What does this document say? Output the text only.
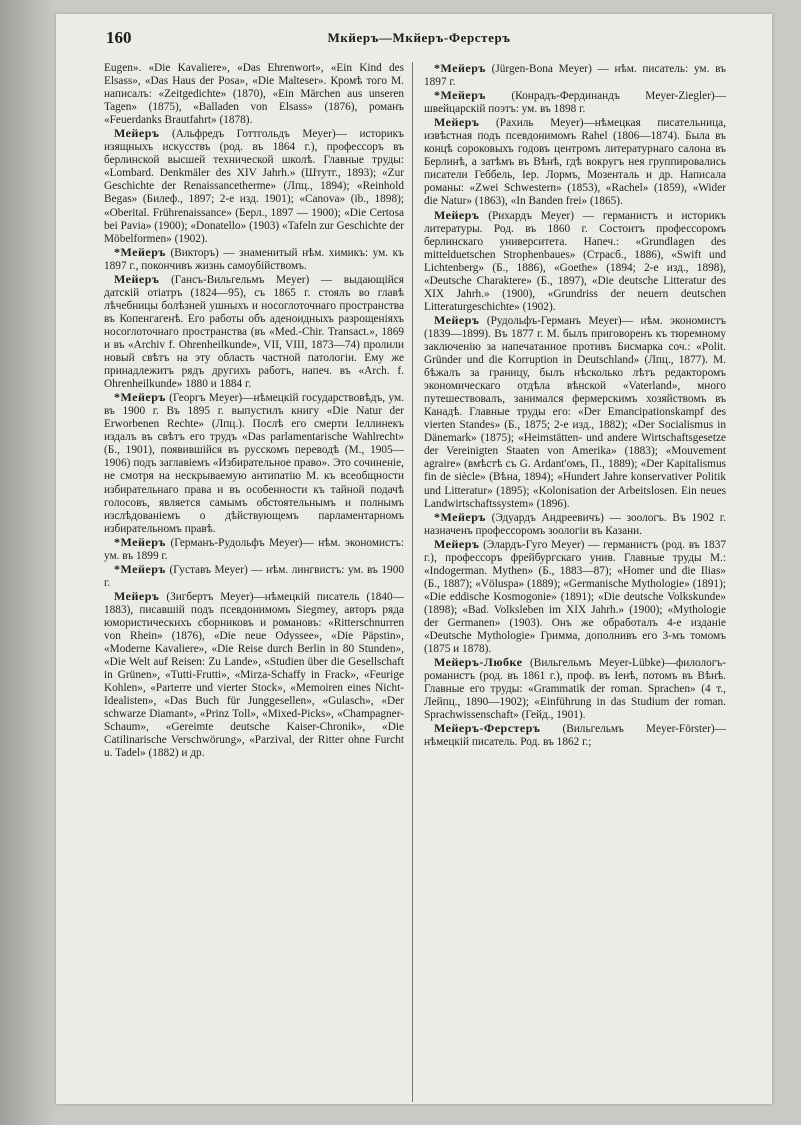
160	Мкйеръ—Мкйеръ-Ферстеръ

Eugen». «Die Kavaliere», «Das Ehrenwort», «Ein Kind des Elsass», «Das Haus der Posa», «Die Malteser». Кромѣ того М. написалъ: «Zeitgedichte» (1870), «Ein Märchen aus unseren Tagen» (1875), «Balladen von Elsass» (1876), романъ «Feuerdanks Brautfahrt» (1878).

Мейеръ (Альфредъ Готтгольдъ Meyer)— историкъ изящныхъ искусствъ (род. въ 1864 г.), профессоръ въ берлинской высшей технической школѣ. Главные труды: «Lombard. Denkmäler des XIV Jahrh.» (Штутг., 1893); «Zur Geschichte der Renaissancetherme» (Лпц., 1894); «Reinhold Begas» (Билеф., 1897; 2-е изд. 1901); «Canova» (ib., 1898); «Oberital. Frührenaissance» (Берл., 1897 — 1900); «Die Certosa bei Pavia» (1900); «Donatello» (1903) «Tafeln zur Geschichte der Möbelformen» (1902).

*Мейеръ (Викторъ) — знаменитый нѣм. химикъ: ум. къ 1897 г., покончивъ жизнь самоубійствомъ.

Мейеръ (Гансъ-Вильгельмъ Meyer) — выдающійся датскій отіатръ (1824—95), съ 1865 г. стоялъ во главѣ лѣчебницы болѣзней ушныхъ и носоглоточнаго пространства въ Копенгагенѣ. Его работы объ аденоидныхъ разрощеніяхъ носоглоточнаго пространства (въ «Med.-Chir. Transact.», 1869 и въ «Archiv f. Ohrenheilkunde», VII, VIII, 1873—74) пролили новый свѣтъ на эту область частной патологіи. Ему же принадлежитъ рядъ другихъ работъ, напеч. въ «Arch. f. Ohrenheilkunde» 1880 и 1884 г.

*Мейеръ (Георгъ Meyer)—нѣмецкій государствовѣдъ, ум. въ 1900 г. Въ 1895 г. выпустилъ книгу «Die Natur der Erworbenen Rechte» (Лпц.). Послѣ его смерти Іеллинекъ издалъ въ свѣтъ его трудъ «Das parlamentarische Wahlrecht» (Б., 1901), появившійся въ русскомъ переводѣ (М., 1905—1906) подъ заглавіемъ «Избирательное право». Это сочиненіе, не смотря на нескрываемую антипатію М. къ всеобщности избирательнаго права и въ особенности къ тайной подачѣ голосовъ, является самымъ обстоятельнымъ и полнымъ изслѣдованіемъ о дѣйствующемъ парламентарномъ избирательномъ правѣ.

*Мейеръ (Германъ-Рудольфъ Meyer)— нѣм. экономистъ: ум. въ 1899 г.

*Мейеръ (Густавъ Meyer) — нѣм. лингвистъ: ум. въ 1900 г.

Мейеръ (Зигбертъ Meyer)—нѣмецкій писатель (1840—1883), писавшій подъ псевдонимомъ Siegmey, авторъ ряда юмористическихъ сборниковъ и романовъ: «Ritterschnurren von Rhein» (1876), «Die neue Odyssee», «Die Päpstin», «Moderne Kavaliere», «Die Reise durch Berlin in 80 Stunden», «Die Welt auf Reisen: Zu Lande», «Studien über die Gesellschaft in Grünen», «Tutti-Frutti», «Mirza-Schaffy in Frack», «Feurige Kohlen», «Parterre und vierter Stock», «Memoiren eines Nicht-Idealisten», «Das Buch für Junggesellen», «Gulasch», «Der schwarze Diamant», «Prinz Toll», «Mixed-Picks», «Champagner-Schaum», «Gereimte deutsche Kaiser-Chronik», «Die Catilinarische Verschwörung», «Parzival, der Ritter ohne Furcht u. Tadel» (1882) и др.

*Мейеръ (Jürgen-Bona Meyer) — нѣм. писатель: ум. въ 1897 г.

*Мейеръ (Конрадъ-Фердинандъ Meyer-Ziegler)—швейцарскій поэтъ: ум. въ 1898 г.

Мейеръ (Рахиль Meyer)—нѣмецкая писательница, извѣстная подъ псевдонимомъ Rahel (1806—1874). Была въ концѣ сороковыхъ годовъ центромъ литературнаго салона въ Берлинѣ, а затѣмъ въ Вѣнѣ, гдѣ вокругъ нея группировались писатели Геббель, Іер. Лормъ, Мозенталь и др. Написала романы: «Zwei Schwestern» (1853), «Rachel» (1859), «Wider die Natur» (1863), «In Banden frei» (1865).

Мейеръ (Рихардъ Meyer) — германистъ и историкъ литературы. Род. въ 1860 г. Состоитъ профессоромъ берлинскаго университета. Напеч.: «Grundlagen des mittelduetschen Strophenbaues» (Страсб., 1886), «Swift und Lichtenberg» (Б., 1886), «Goethe» (1894; 2-е изд., 1898), «Deutsche Charaktere» (Б., 1897), «Die deutsche Litteratur des XIX Jahrh.» (1900), «Grundriss der neuern deutschen Litteraturgeschichte» (1902).

Мейеръ (Рудольфъ-Германъ Meyer)— нѣм. экономистъ (1839—1899). Въ 1877 г. М. былъ приговоренъ къ тюремному заключенію за напечатанное противъ Бисмарка соч.: «Polit. Gründer und die Korruption in Deutschland» (Лпц., 1877). М. бѣжалъ за границу, былъ нѣсколько лѣтъ редакторомъ экономическаго отдѣла вѣнской «Vaterland», много путешествовалъ, занимался фермерскимъ хозяйствомъ въ Канадѣ. Главные труды его: «Der Emancipationskampf des vierten Standes» (Б., 1875; 2-е изд., 1882); «Der Socialismus in Dänemark» (1875); «Heimstätten- und andere Wirtschaftsgesetze der Vereinigten Staaten von Amerika» (1883); «Mouvement agraire» (вмѣстѣ съ G. Ardant'омъ, П., 1889); «Der Kapitalismus fin de siècle» (Вѣна, 1894); «Hundert Jahre konservativer Politik und Litteratur» (1895); «Kolonisation der Arbeitslosen. Ein neues Landwirtschaftssystem» (1896).

*Мейеръ (Эдуардъ Андреевичъ) — зоологъ. Въ 1902 г. назначенъ профессоромъ зоологіи въ Казани.

Мейеръ (Элардъ-Гуго Meyer) — германистъ (род. въ 1837 г.), профессоръ фрейбургскаго унив. Главные труды М.: «Indogerman. Mythen» (Б., 1883—87); «Homer und die Ilias» (Б., 1887); «Völuspa» (1889); «Germanische Mythologie» (1891); «Die eddische Kosmogonie» (1891); «Die deutsche Volkskunde» (1898); «Bad. Volksleben im XIX Jahrh.» (1900); «Mythologie der Germanen» (1903). Онъ же обработалъ 4-е изданіе «Deutsche Mythologie» Гримма, дополнивъ его 3-мъ томомъ (1875 и 1878).

Мейеръ-Любке (Вильгельмъ Meyer-Lübke)—филологъ-романистъ (род. въ 1861 г.), проф. въ Іенѣ, потомъ въ Вѣнѣ. Главные его труды: «Grammatik der roman. Sprachen» (4 т., Лейпц., 1890—1902); «Einführung in das Studium der roman. Sprachwissenschaft» (Гейд., 1901).

Мейеръ-Ферстеръ (Вильгельмъ Meyer-Förster)—нѣмецкій писатель. Род. въ 1862 г.;
